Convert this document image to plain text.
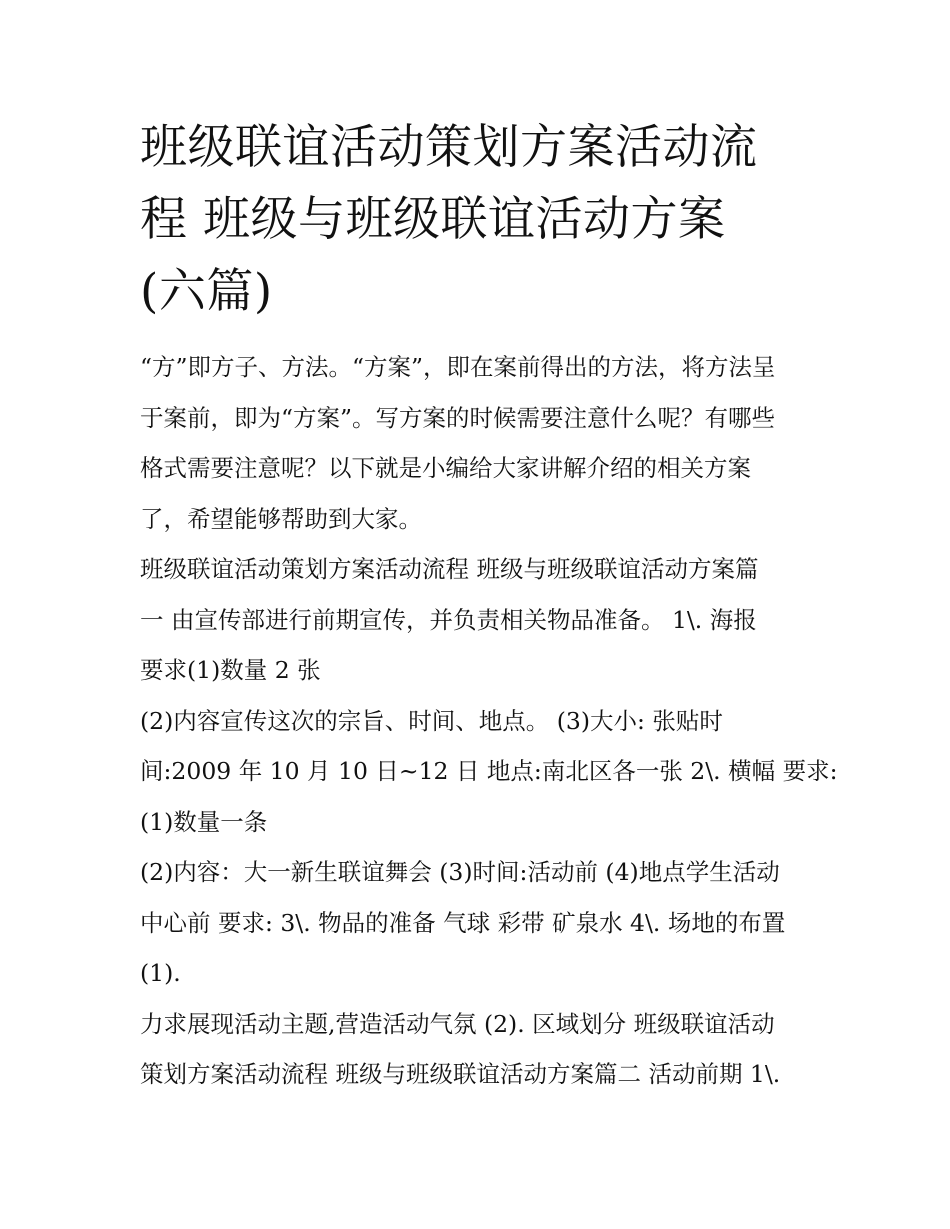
班级联谊活动策划方案活动流
程 班级与班级联谊活动方案
(六篇)
“方”即方子、方法。“方案”，即在案前得出的方法，将方法呈
于案前，即为“方案”。写方案的时候需要注意什么呢？有哪些
格式需要注意呢？以下就是小编给大家讲解介绍的相关方案
了，希望能够帮助到大家。
班级联谊活动策划方案活动流程 班级与班级联谊活动方案篇
一 由宣传部进行前期宣传，并负责相关物品准备。 1\. 海报
要求(1)数量 2 张
(2)内容宣传这次的宗旨、时间、地点。 (3)大小: 张贴时
间:2009 年 10 月 10 日~12 日 地点:南北区各一张 2\. 横幅 要求:
(1)数量一条
(2)内容：大一新生联谊舞会 (3)时间:活动前 (4)地点学生活动
中心前 要求: 3\. 物品的准备 气球 彩带 矿泉水 4\. 场地的布置
(1).
力求展现活动主题,营造活动气氛 (2). 区域划分 班级联谊活动
策划方案活动流程 班级与班级联谊活动方案篇二 活动前期 1\.
